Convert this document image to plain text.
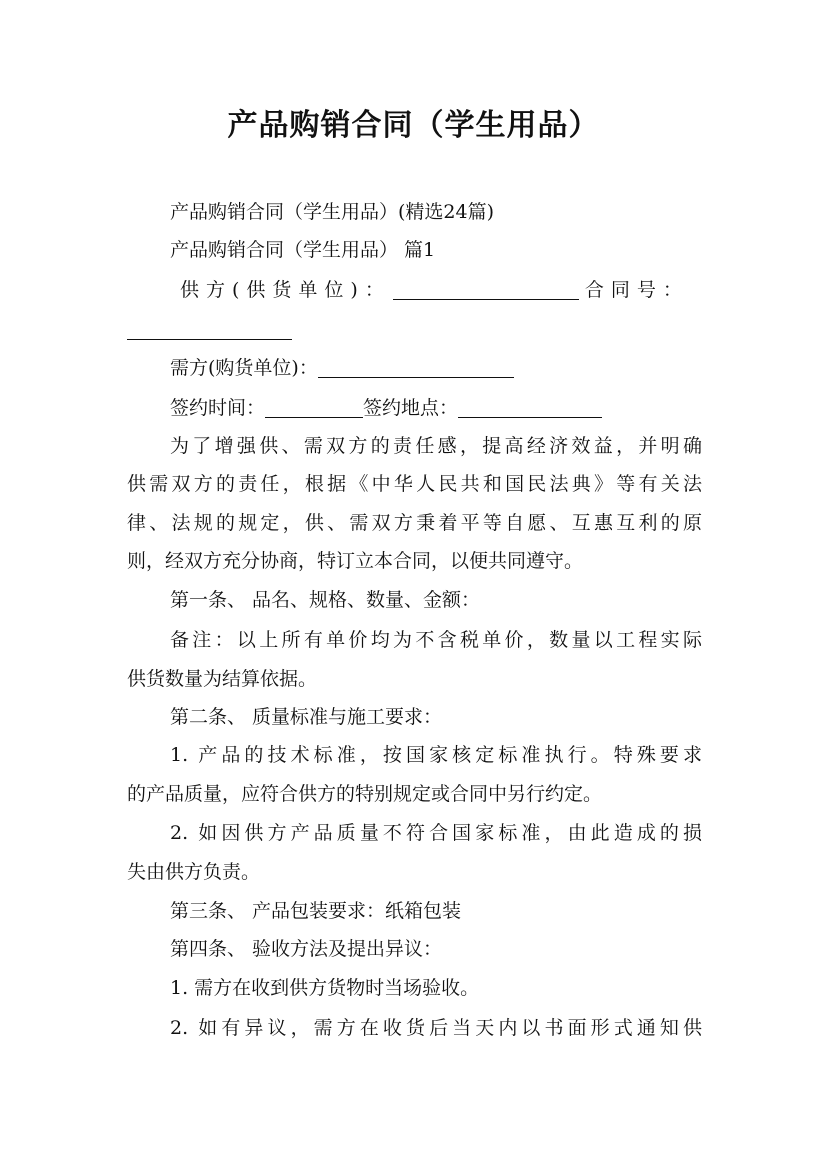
产品购销合同（学生用品）
产品购销合同（学生用品）(精选24篇)
产品购销合同（学生用品） 篇1
供方(供货单位)：	合同号：
需方(购货单位)：
签约时间：	签约地点：
为了增强供、需双方的责任感，提高经济效益，并明确
供需双方的责任，根据《中华人民共和国民法典》等有关法
律、法规的规定，供、需双方秉着平等自愿、互惠互利的原
则，经双方充分协商，特订立本合同，以便共同遵守。
第一条、 品名、规格、数量、金额：
备注：以上所有单价均为不含税单价，数量以工程实际
供货数量为结算依据。
第二条、 质量标准与施工要求：
1. 产品的技术标准，按国家核定标准执行。特殊要求
的产品质量，应符合供方的特别规定或合同中另行约定。
2. 如因供方产品质量不符合国家标准，由此造成的损
失由供方负责。
第三条、 产品包装要求：纸箱包装
第四条、 验收方法及提出异议：
1. 需方在收到供方货物时当场验收。
2. 如有异议，需方在收货后当天内以书面形式通知供
